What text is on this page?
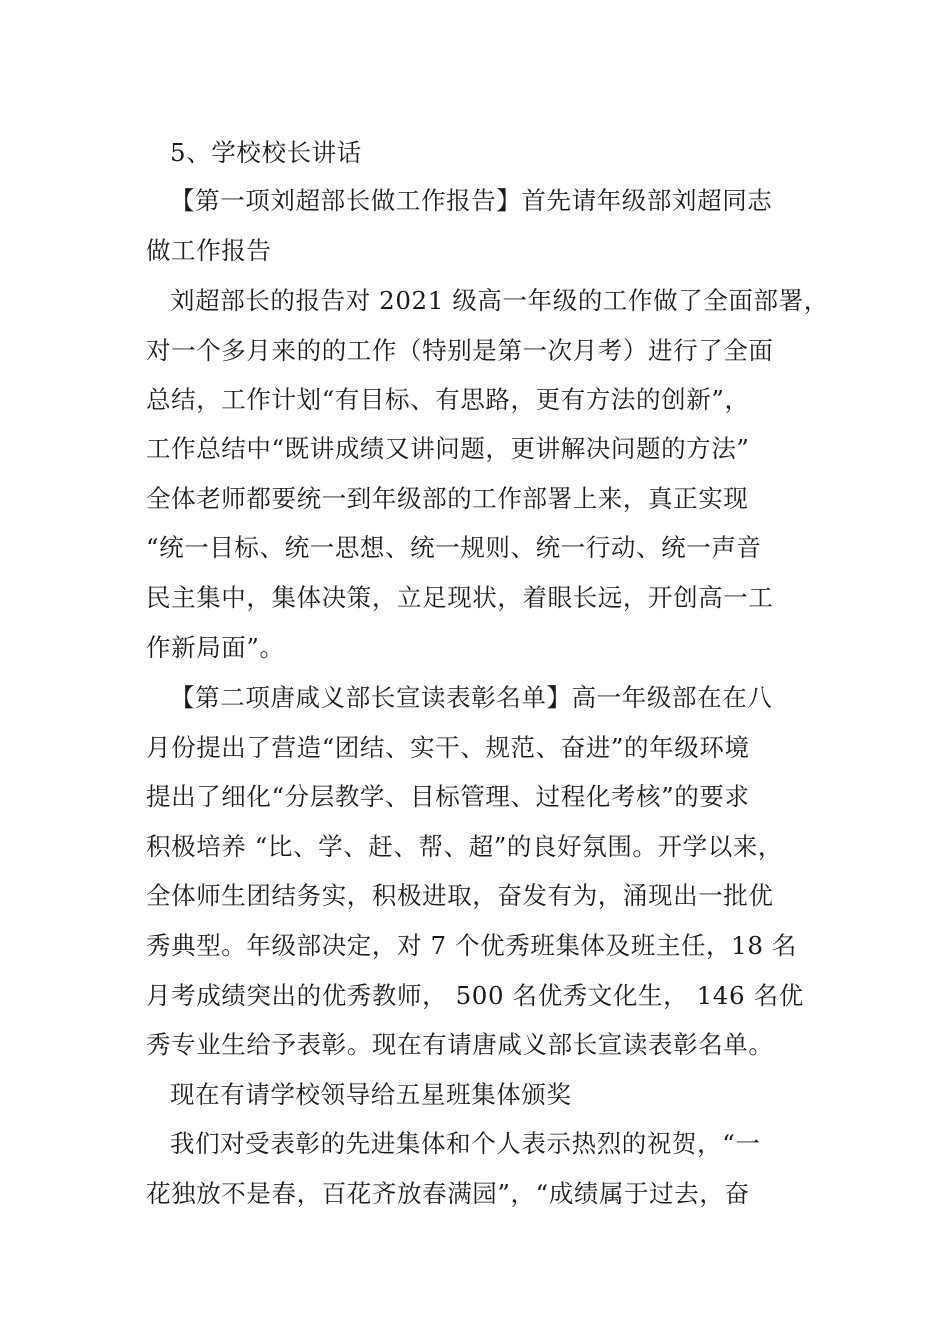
5、学校校长讲话
【第一项刘超部长做工作报告】首先请年级部刘超同志
做工作报告
刘超部长的报告对 2021 级高一年级的工作做了全面部署，
对一个多月来的的工作（特别是第一次月考）进行了全面
总结，工作计划“有目标、有思路，更有方法的创新”，
工作总结中“既讲成绩又讲问题，更讲解决问题的方法”
全体老师都要统一到年级部的工作部署上来，真正实现
“统一目标、统一思想、统一规则、统一行动、统一声音
民主集中，集体决策，立足现状，着眼长远，开创高一工
作新局面”。
【第二项唐咸义部长宣读表彰名单】高一年级部在在八
月份提出了营造“团结、实干、规范、奋进”的年级环境
提出了细化“分层教学、目标管理、过程化考核”的要求
积极培养 “比、学、赶、帮、超”的良好氛围。开学以来，
全体师生团结务实，积极进取，奋发有为，涌现出一批优
秀典型。年级部决定，对 7 个优秀班集体及班主任，18 名
月考成绩突出的优秀教师， 500 名优秀文化生， 146 名优
秀专业生给予表彰。现在有请唐咸义部长宣读表彰名单。
现在有请学校领导给五星班集体颁奖
我们对受表彰的先进集体和个人表示热烈的祝贺，“一
花独放不是春，百花齐放春满园”，“成绩属于过去，奋
